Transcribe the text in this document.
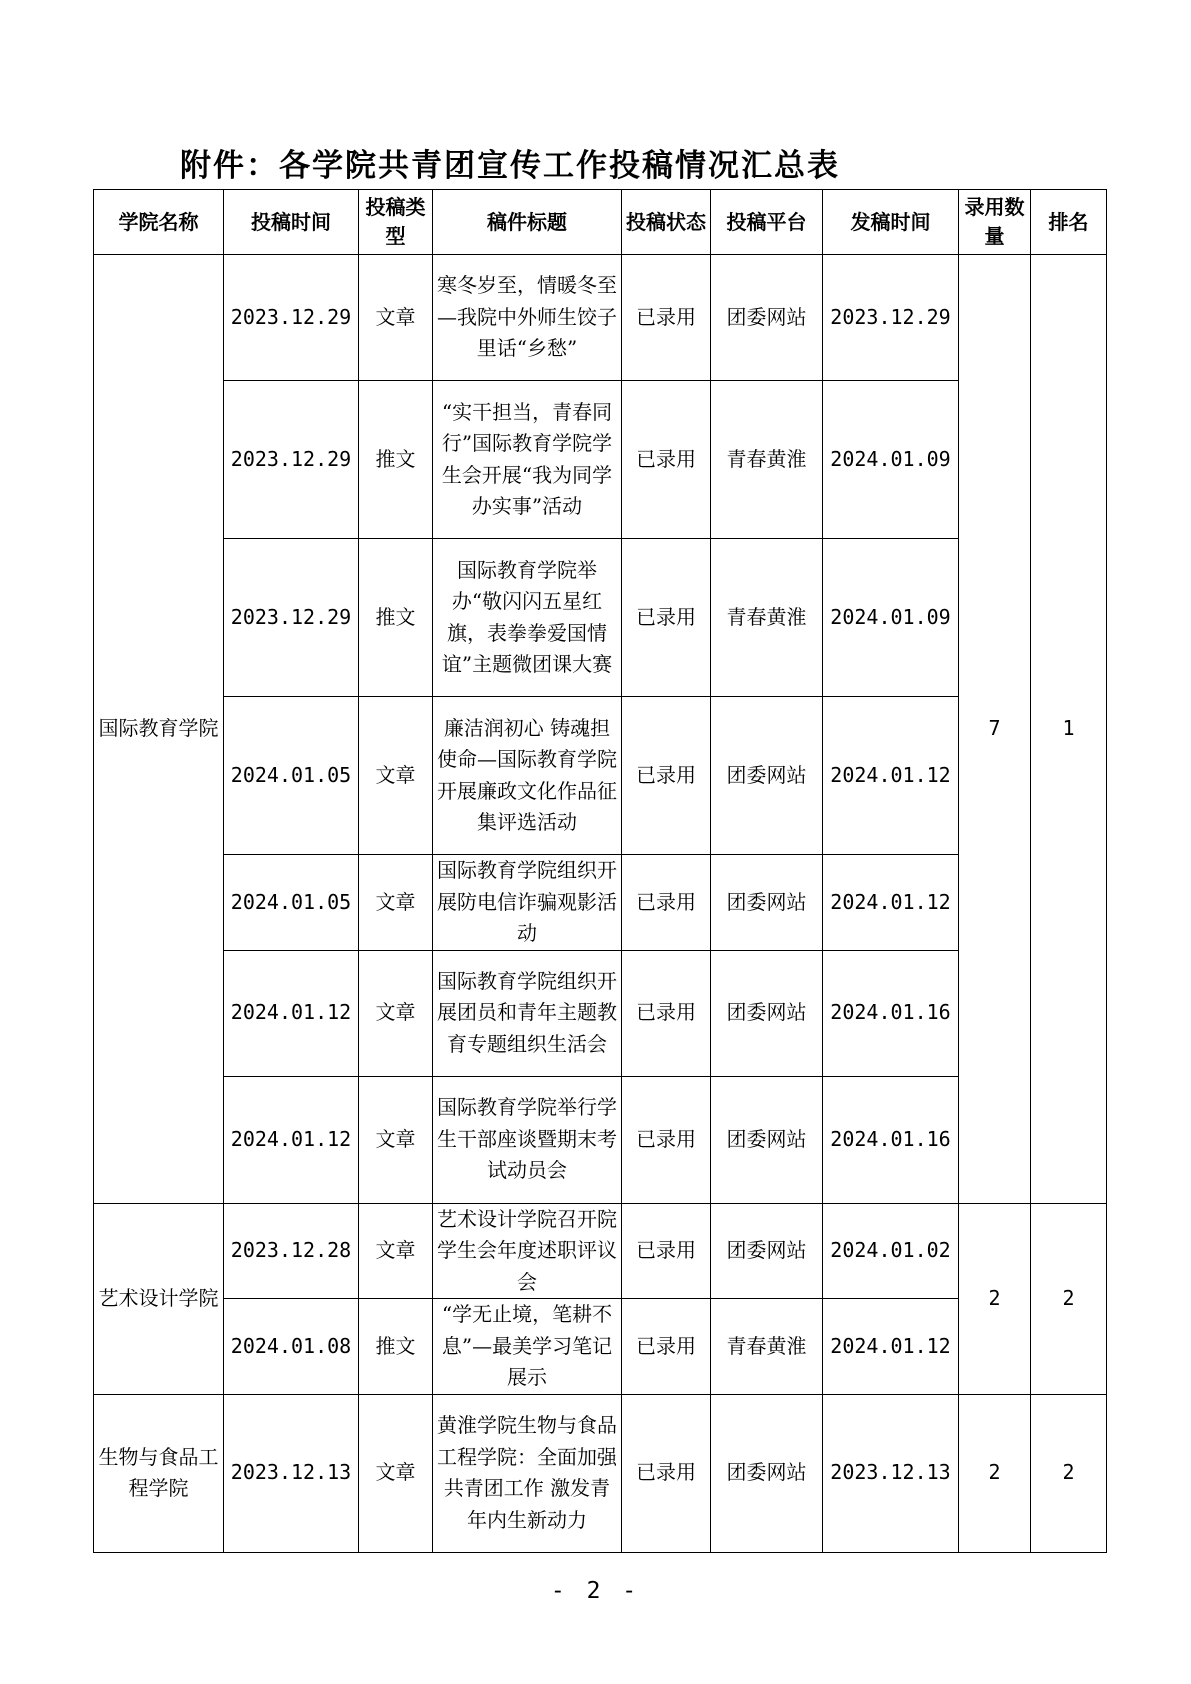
附件：各学院共青团宣传工作投稿情况汇总表
学院名称	投稿时间	投稿类型	稿件标题	投稿状态	投稿平台	发稿时间	录用数量	排名
国际教育学院	2023.12.29	文章	寒冬岁至，情暖冬至—我院中外师生饺子里话“乡愁”	已录用	团委网站	2023.12.29	7	1
	2023.12.29	推文	“实干担当，青春同行”国际教育学院学生会开展“我为同学办实事”活动	已录用	青春黄淮	2024.01.09		
	2023.12.29	推文	国际教育学院举办“敬闪闪五星红旗，表拳拳爱国情谊”主题微团课大赛	已录用	青春黄淮	2024.01.09		
	2024.01.05	文章	廉洁润初心 铸魂担使命—国际教育学院开展廉政文化作品征集评选活动	已录用	团委网站	2024.01.12		
	2024.01.05	文章	国际教育学院组织开展防电信诈骗观影活动	已录用	团委网站	2024.01.12		
	2024.01.12	文章	国际教育学院组织开展团员和青年主题教育专题组织生活会	已录用	团委网站	2024.01.16		
	2024.01.12	文章	国际教育学院举行学生干部座谈暨期末考试动员会	已录用	团委网站	2024.01.16		
艺术设计学院	2023.12.28	文章	艺术设计学院召开院学生会年度述职评议会	已录用	团委网站	2024.01.02	2	2
	2024.01.08	推文	“学无止境，笔耕不息”—最美学习笔记展示	已录用	青春黄淮	2024.01.12		
生物与食品工程学院	2023.12.13	文章	黄淮学院生物与食品工程学院：全面加强共青团工作 激发青年内生新动力	已录用	团委网站	2023.12.13	2	2
- 2 -
